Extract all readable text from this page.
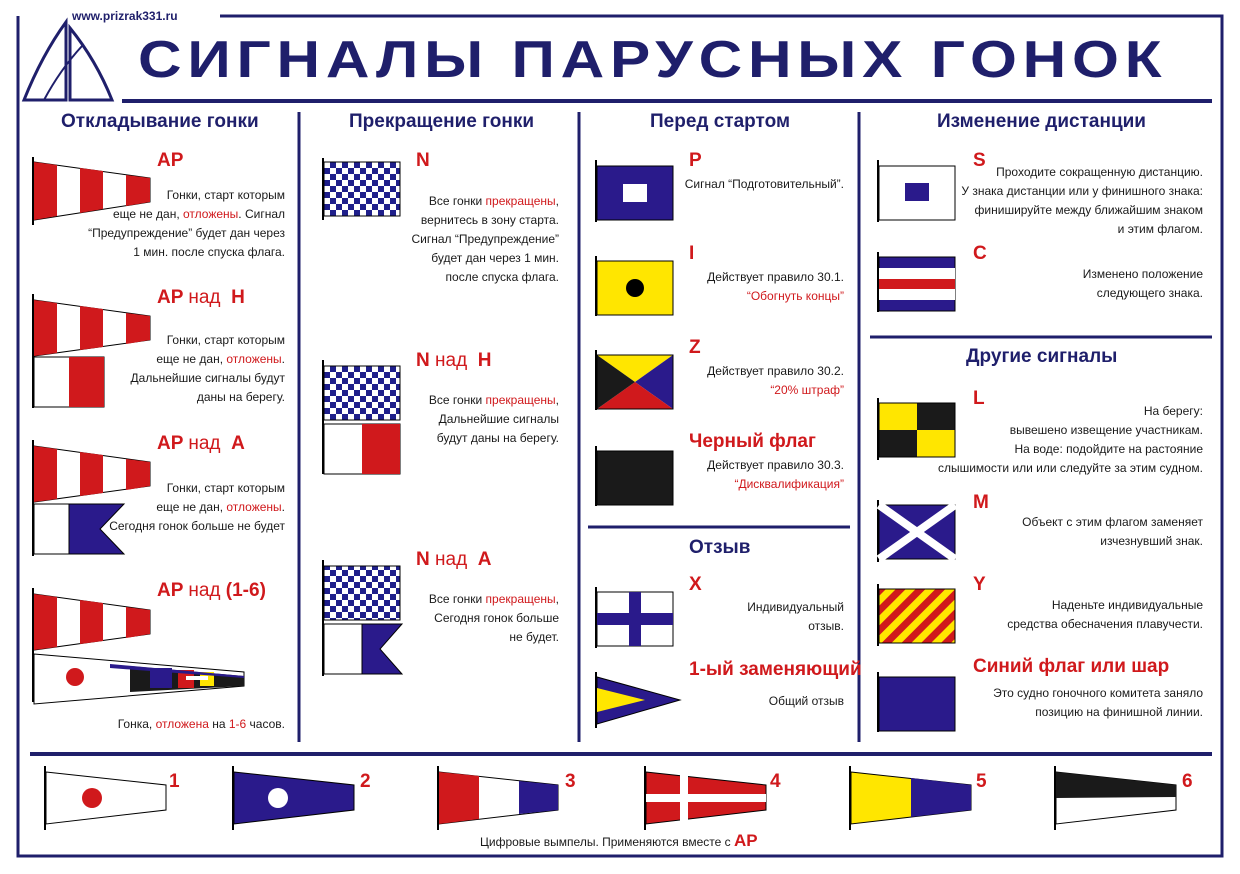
www.prizrak331.ru
СИГНАЛЫ ПАРУСНЫХ ГОНОК
Откладывание гонки
AP
Гонки, старт которым
еще не дан, отложены. Сигнал
“Предупреждение” будет дан через
1 мин. после спуска флага.
AP над H
Гонки, старт которым
еще не дан, отложены.
Дальнейшие сигналы будут
даны на берегу.
AP над A
Гонки, старт которым
еще не дан, отложены.
Сегодня гонок больше не будет
AP над (1-6)
Гонка, отложена на 1-6 часов.
Прекращение гонки
N
Все гонки прекращены,
вернитесь в зону старта.
Сигнал “Предупреждение”
будет дан через 1 мин.
после спуска флага.
N над H
Все гонки прекращены,
Дальнейшие сигналы
будут даны на берегу.
N над A
Все гонки прекращены,
Сегодня гонок больше
не будет.
Перед стартом
P
Сигнал “Подготовительный”.
I
Действует правило 30.1.
“Обогнуть концы”
Z
Действует правило 30.2.
“20% штраф”
Черный флаг
Действует правило 30.3.
“Дисквалификация”
Отзыв
X
Индивидуальный
отзыв.
1-ый заменяющий
Общий отзыв
Изменение дистанции
S
Проходите сокращенную дистанцию.
У знака дистанции или у финишного знака:
финишируйте между ближайшим знаком
и этим флагом.
C
Изменено положение
следующего знака.
Другие сигналы
L
На берегу:
вывешено извещение участникам.
На воде: подойдите на растояние
слышимости или или следуйте за этим судном.
M
Объект с этим флагом заменяет
изчезнувший знак.
Y
Наденьте индивидуальные
средства обесначения плавучести.
Синий флаг или шар
Это судно гоночного комитета заняло
позицию на финишной линии.
1	2	3	4	5	6
Цифровые вымпелы. Применяются вместе с AP
